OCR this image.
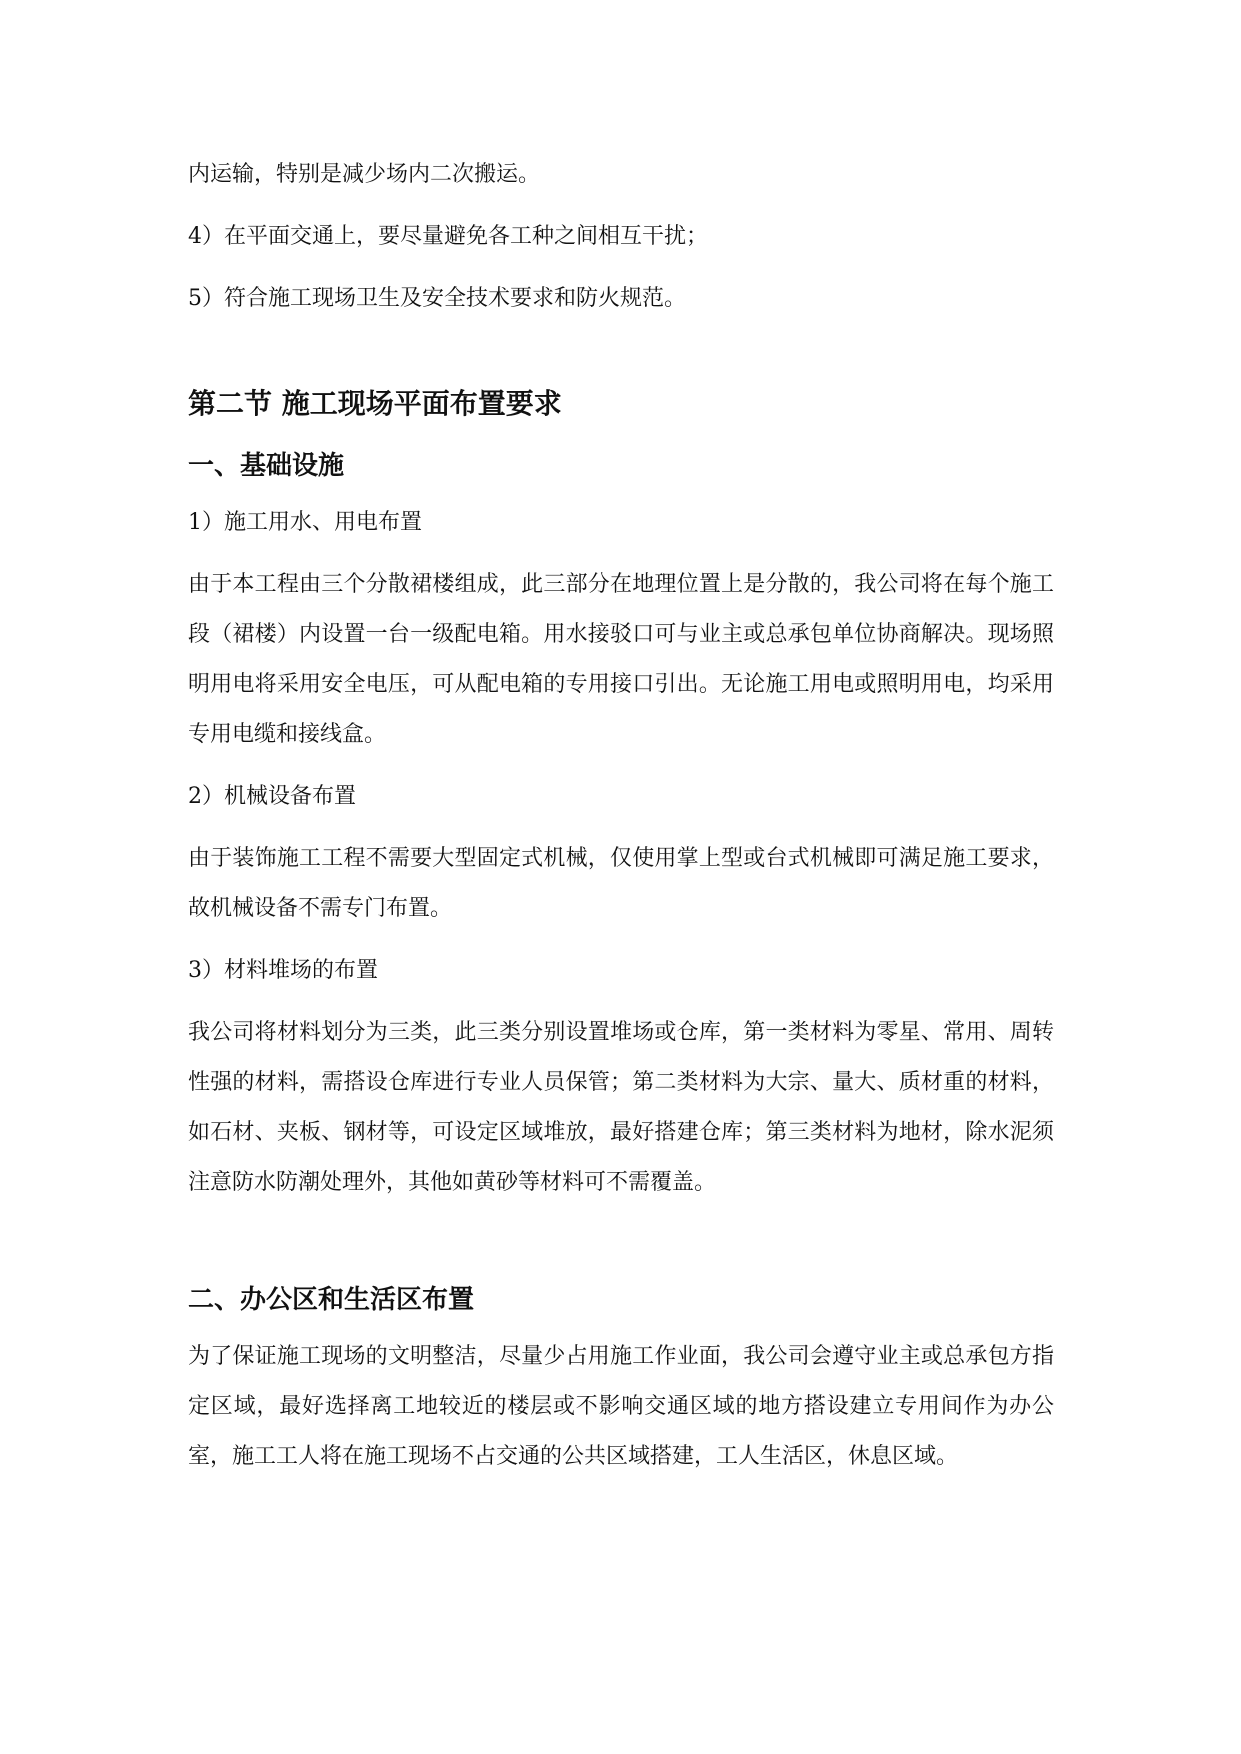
内运输，特别是减少场内二次搬运。

4）在平面交通上，要尽量避免各工种之间相互干扰；

5）符合施工现场卫生及安全技术要求和防火规范。

第二节 施工现场平面布置要求
一、基础设施

1）施工用水、用电布置

由于本工程由三个分散裙楼组成，此三部分在地理位置上是分散的，我公司将在每个施工段（裙楼）内设置一台一级配电箱。用水接驳口可与业主或总承包单位协商解决。现场照明用电将采用安全电压，可从配电箱的专用接口引出。无论施工用电或照明用电，均采用专用电缆和接线盒。

2）机械设备布置

由于装饰施工工程不需要大型固定式机械，仅使用掌上型或台式机械即可满足施工要求，故机械设备不需专门布置。

3）材料堆场的布置

我公司将材料划分为三类，此三类分别设置堆场或仓库，第一类材料为零星、常用、周转性强的材料，需搭设仓库进行专业人员保管；第二类材料为大宗、量大、质材重的材料，如石材、夹板、钢材等，可设定区域堆放，最好搭建仓库；第三类材料为地材，除水泥须注意防水防潮处理外，其他如黄砂等材料可不需覆盖。

二、办公区和生活区布置

为了保证施工现场的文明整洁，尽量少占用施工作业面，我公司会遵守业主或总承包方指定区域，最好选择离工地较近的楼层或不影响交通区域的地方搭设建立专用间作为办公室，施工工人将在施工现场不占交通的公共区域搭建，工人生活区，休息区域。
